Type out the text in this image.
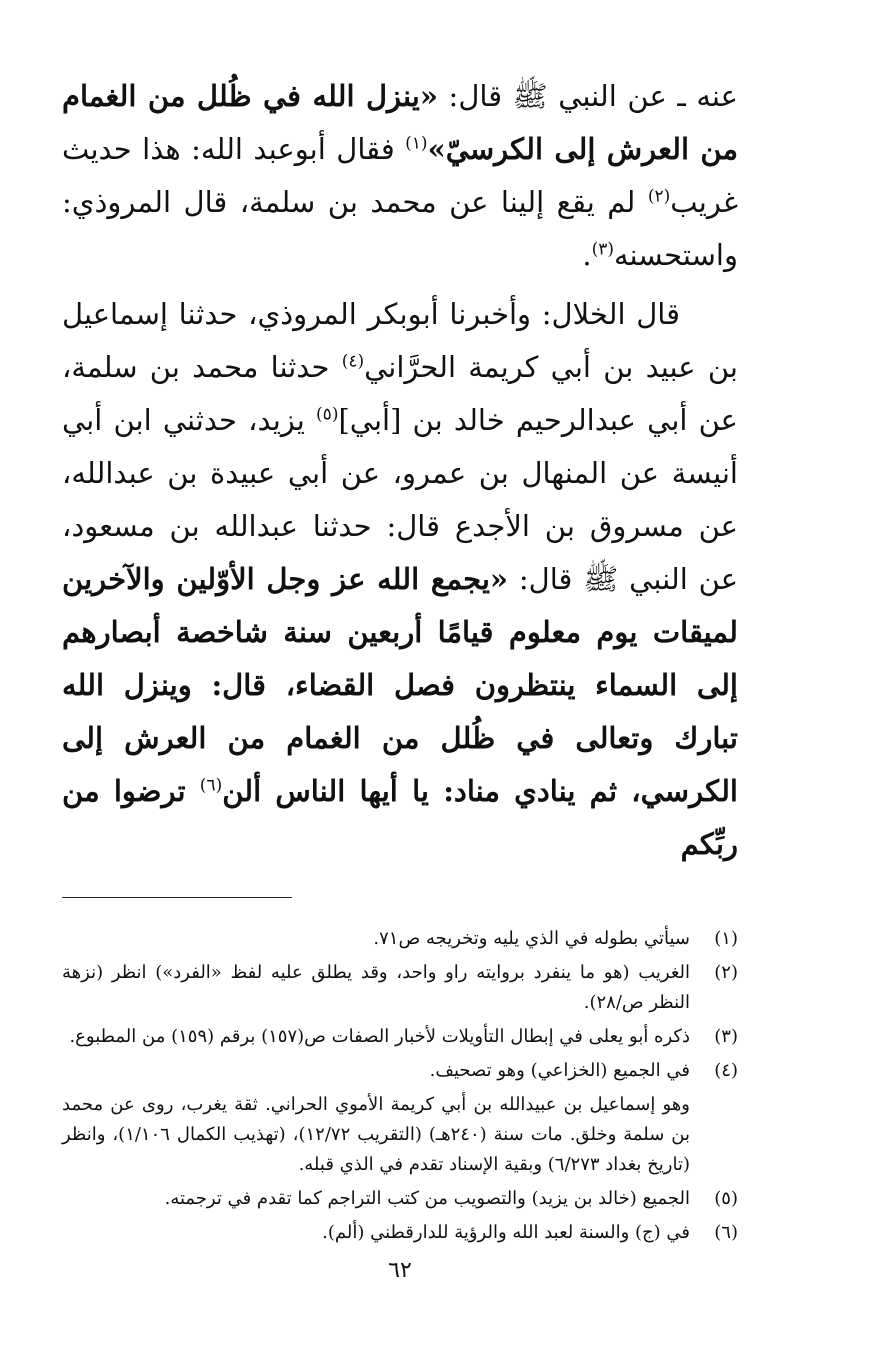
عنه ـ عن النبي ﷺ قال: «ينزل الله في ظُلل من الغمام من العرش إلى الكرسيّ»$^{(١)}$ فقال أبوعبد الله: هذا حديث غريب$^{(٢)}$ لم يقع إلينا عن محمد بن سلمة، قال المروذي: واستحسنه$^{(٣)}$.

قال الخلال: وأخبرنا أبوبكر المروذي، حدثنا إسماعيل بن عبيد بن أبي كريمة الحرَّاني$^{(٤)}$ حدثنا محمد بن سلمة، عن أبي عبدالرحيم خالد بن [أبي]$^{(٥)}$ يزيد، حدثني ابن أبي أنيسة عن المنهال بن عمرو، عن أبي عبيدة بن عبدالله، عن مسروق بن الأجدع قال: حدثنا عبدالله بن مسعود، عن النبي ﷺ قال: «يجمع الله عز وجل الأوّلين والآخرين لميقات يوم معلوم قيامًا أربعين سنة شاخصة أبصارهم إلى السماء ينتظرون فصل القضاء، قال: وينزل الله تبارك وتعالى في ظُلل من الغمام من العرش إلى الكرسي، ثم ينادي مناد: يا أيها الناس ألن$^{(٦)}$ ترضوا من ربِّكم

(١)
سيأتي بطوله في الذي يليه وتخريجه ص٧١.
(٢)
الغريب (هو ما ينفرد بروايته راو واحد، وقد يطلق عليه لفظ «الفرد») انظر (نزهة النظر ص/٢٨).
(٣)
ذكره أبو يعلى في إبطال التأويلات لأخبار الصفات ص(١٥٧) برقم (١٥٩) من المطبوع.
(٤)
في الجميع (الخزاعي) وهو تصحيف.
وهو إسماعيل بن عبيدالله بن أبي كريمة الأموي الحراني. ثقة يغرب، روى عن محمد بن سلمة وخلق. مات سنة (٢٤٠هـ) (التقريب ١٢/٧٢)، (تهذيب الكمال ١/١٠٦)، وانظر (تاريخ بغداد ٦/٢٧٣) وبقية الإسناد تقدم في الذي قبله.
(٥)
الجميع (خالد بن يزيد) والتصويب من كتب التراجم كما تقدم في ترجمته.
(٦)
في (ج) والسنة لعبد الله والرؤية للدارقطني (ألم).
٦٢
